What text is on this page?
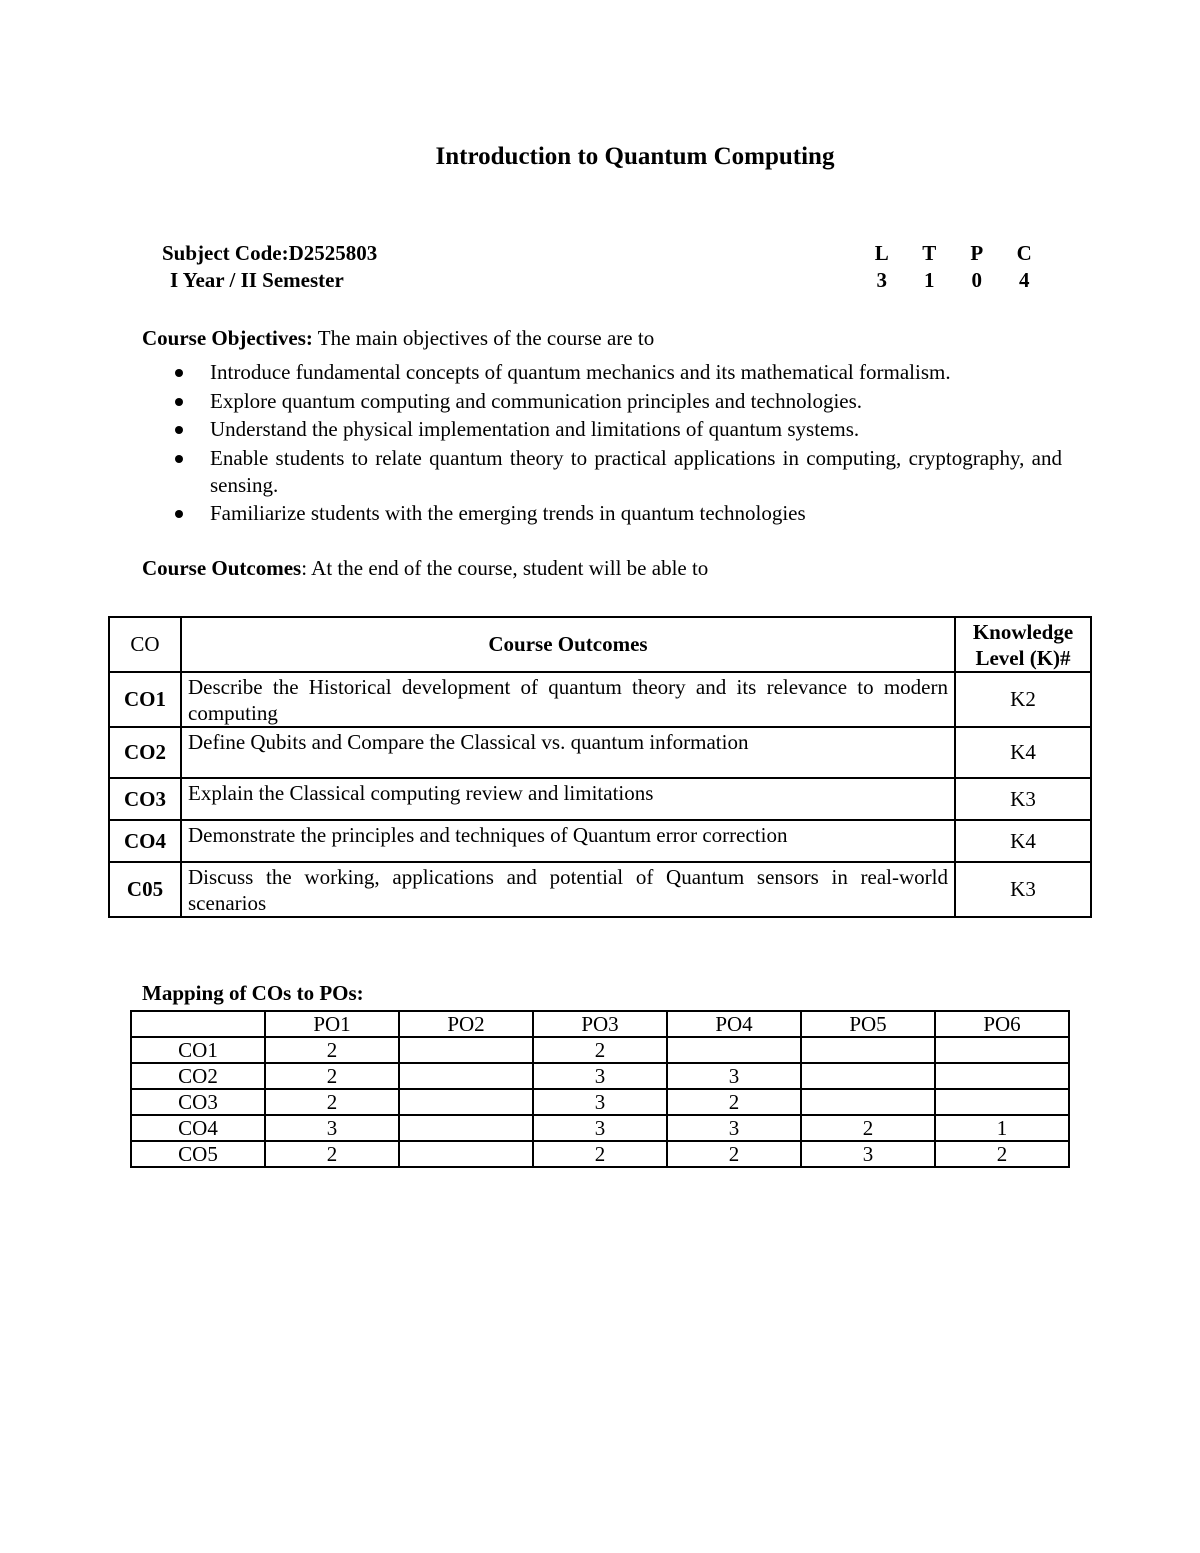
Introduction to Quantum Computing
Subject Code:D2525803
I Year / II Semester
L	T	P	C
3	1	0	4
Course Objectives: The main objectives of the course are to
Introduce fundamental concepts of quantum mechanics and its mathematical formalism.
Explore quantum computing and communication principles and technologies.
Understand the physical implementation and limitations of quantum systems.
Enable students to relate quantum theory to practical applications in computing, cryptography, and sensing.
Familiarize students with the emerging trends in quantum technologies
Course Outcomes: At the end of the course, student will be able to
CO	Course Outcomes	Knowledge Level (K)#
CO1	Describe the Historical development of quantum theory and its relevance to modern computing	K2
CO2	Define Qubits and Compare the Classical vs. quantum information	K4
CO3	Explain the Classical computing review and limitations	K3
CO4	Demonstrate the principles and techniques of Quantum error correction	K4
C05	Discuss the working, applications and potential of Quantum sensors in real-world scenarios	K3
Mapping of COs to POs:
	PO1	PO2	PO3	PO4	PO5	PO6
CO1	2		2			
CO2	2		3	3		
CO3	2		3	2		
CO4	3		3	3	2	1
CO5	2		2	2	3	2
